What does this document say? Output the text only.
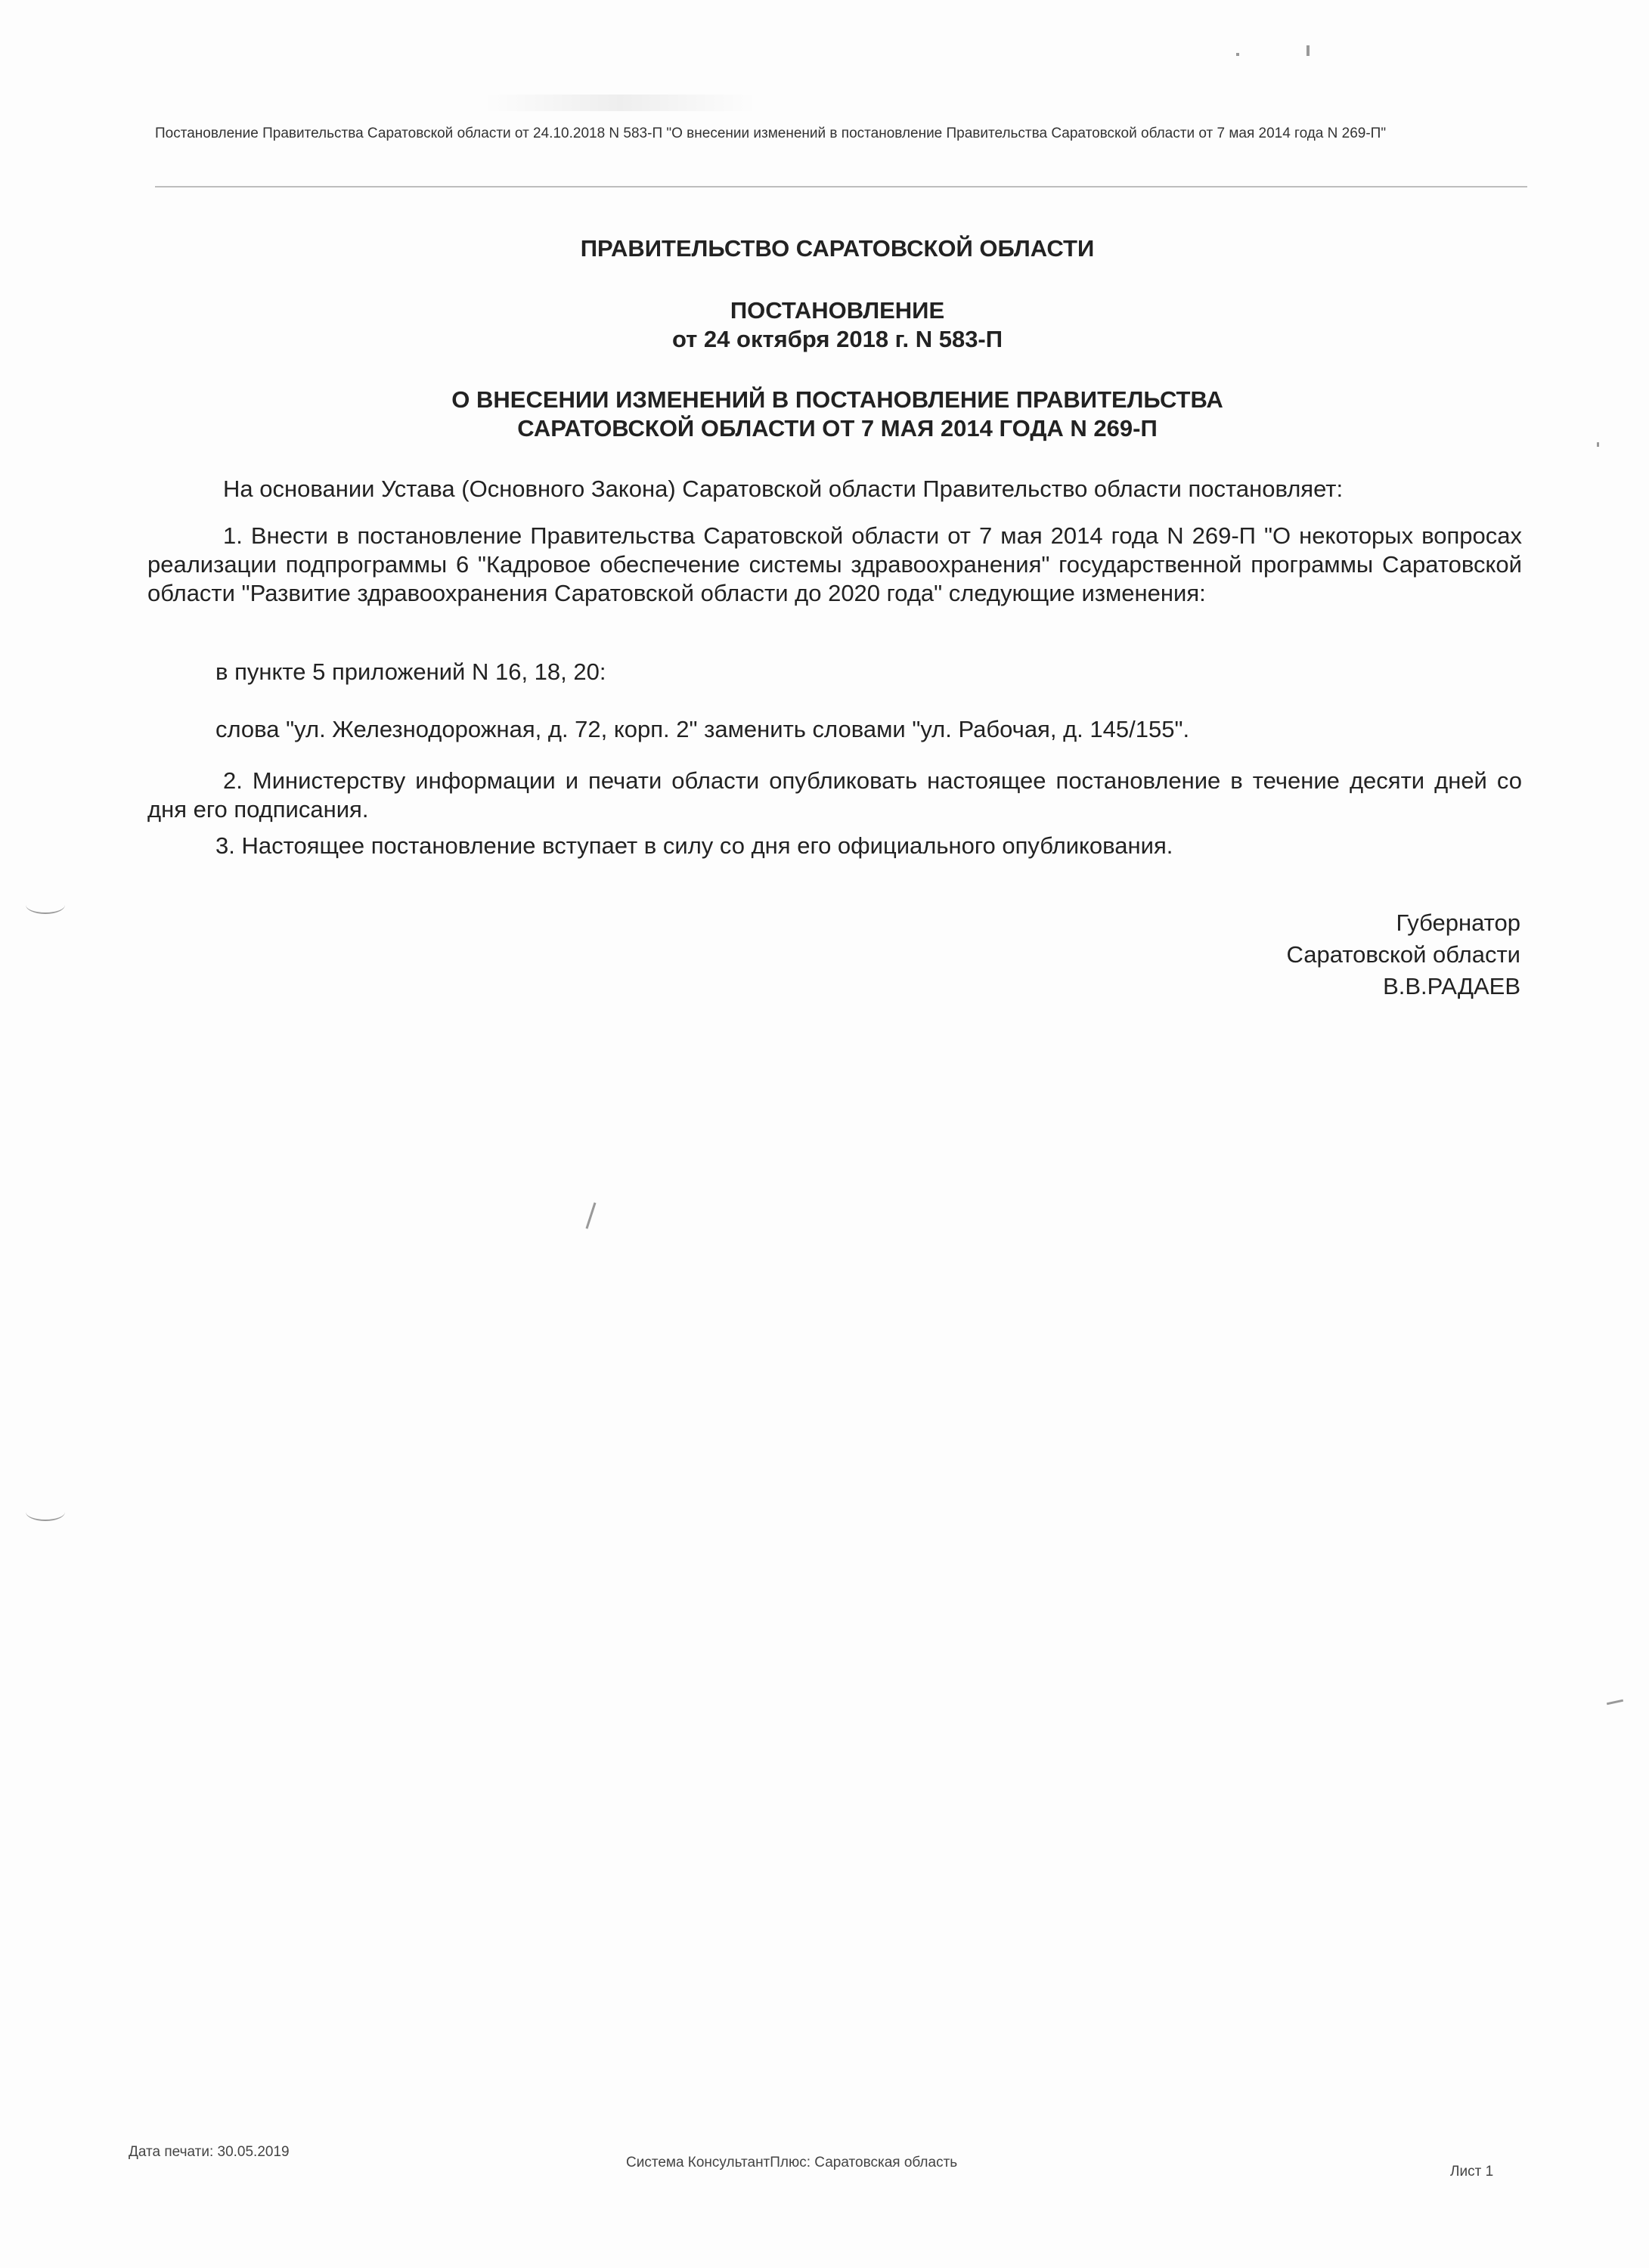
Постановление Правительства Саратовской области от 24.10.2018 N 583-П "О внесении изменений в постановление Правительства Саратовской области от 7 мая 2014 года N 269-П"
ПРАВИТЕЛЬСТВО САРАТОВСКОЙ ОБЛАСТИ
ПОСТАНОВЛЕНИЕ
от 24 октября 2018 г. N 583-П
О ВНЕСЕНИИ ИЗМЕНЕНИЙ В ПОСТАНОВЛЕНИЕ ПРАВИТЕЛЬСТВА
САРАТОВСКОЙ ОБЛАСТИ ОТ 7 МАЯ 2014 ГОДА N 269-П
На основании Устава (Основного Закона) Саратовской области Правительство области постановляет:
1. Внести в постановление Правительства Саратовской области от 7 мая 2014 года N 269-П "О некоторых вопросах реализации подпрограммы 6 "Кадровое обеспечение системы здравоохранения" государственной программы Саратовской области "Развитие здравоохранения Саратовской области до 2020 года" следующие изменения:
в пункте 5 приложений N 16, 18, 20:
слова "ул. Железнодорожная, д. 72, корп. 2" заменить словами "ул. Рабочая, д. 145/155".
2. Министерству информации и печати области опубликовать настоящее постановление в течение десяти дней со дня его подписания.
3. Настоящее постановление вступает в силу со дня его официального опубликования.
Губернатор
Саратовской области
В.В.РАДАЕВ
Дата печати: 30.05.2019
Система КонсультантПлюс: Саратовская область
Лист 1
